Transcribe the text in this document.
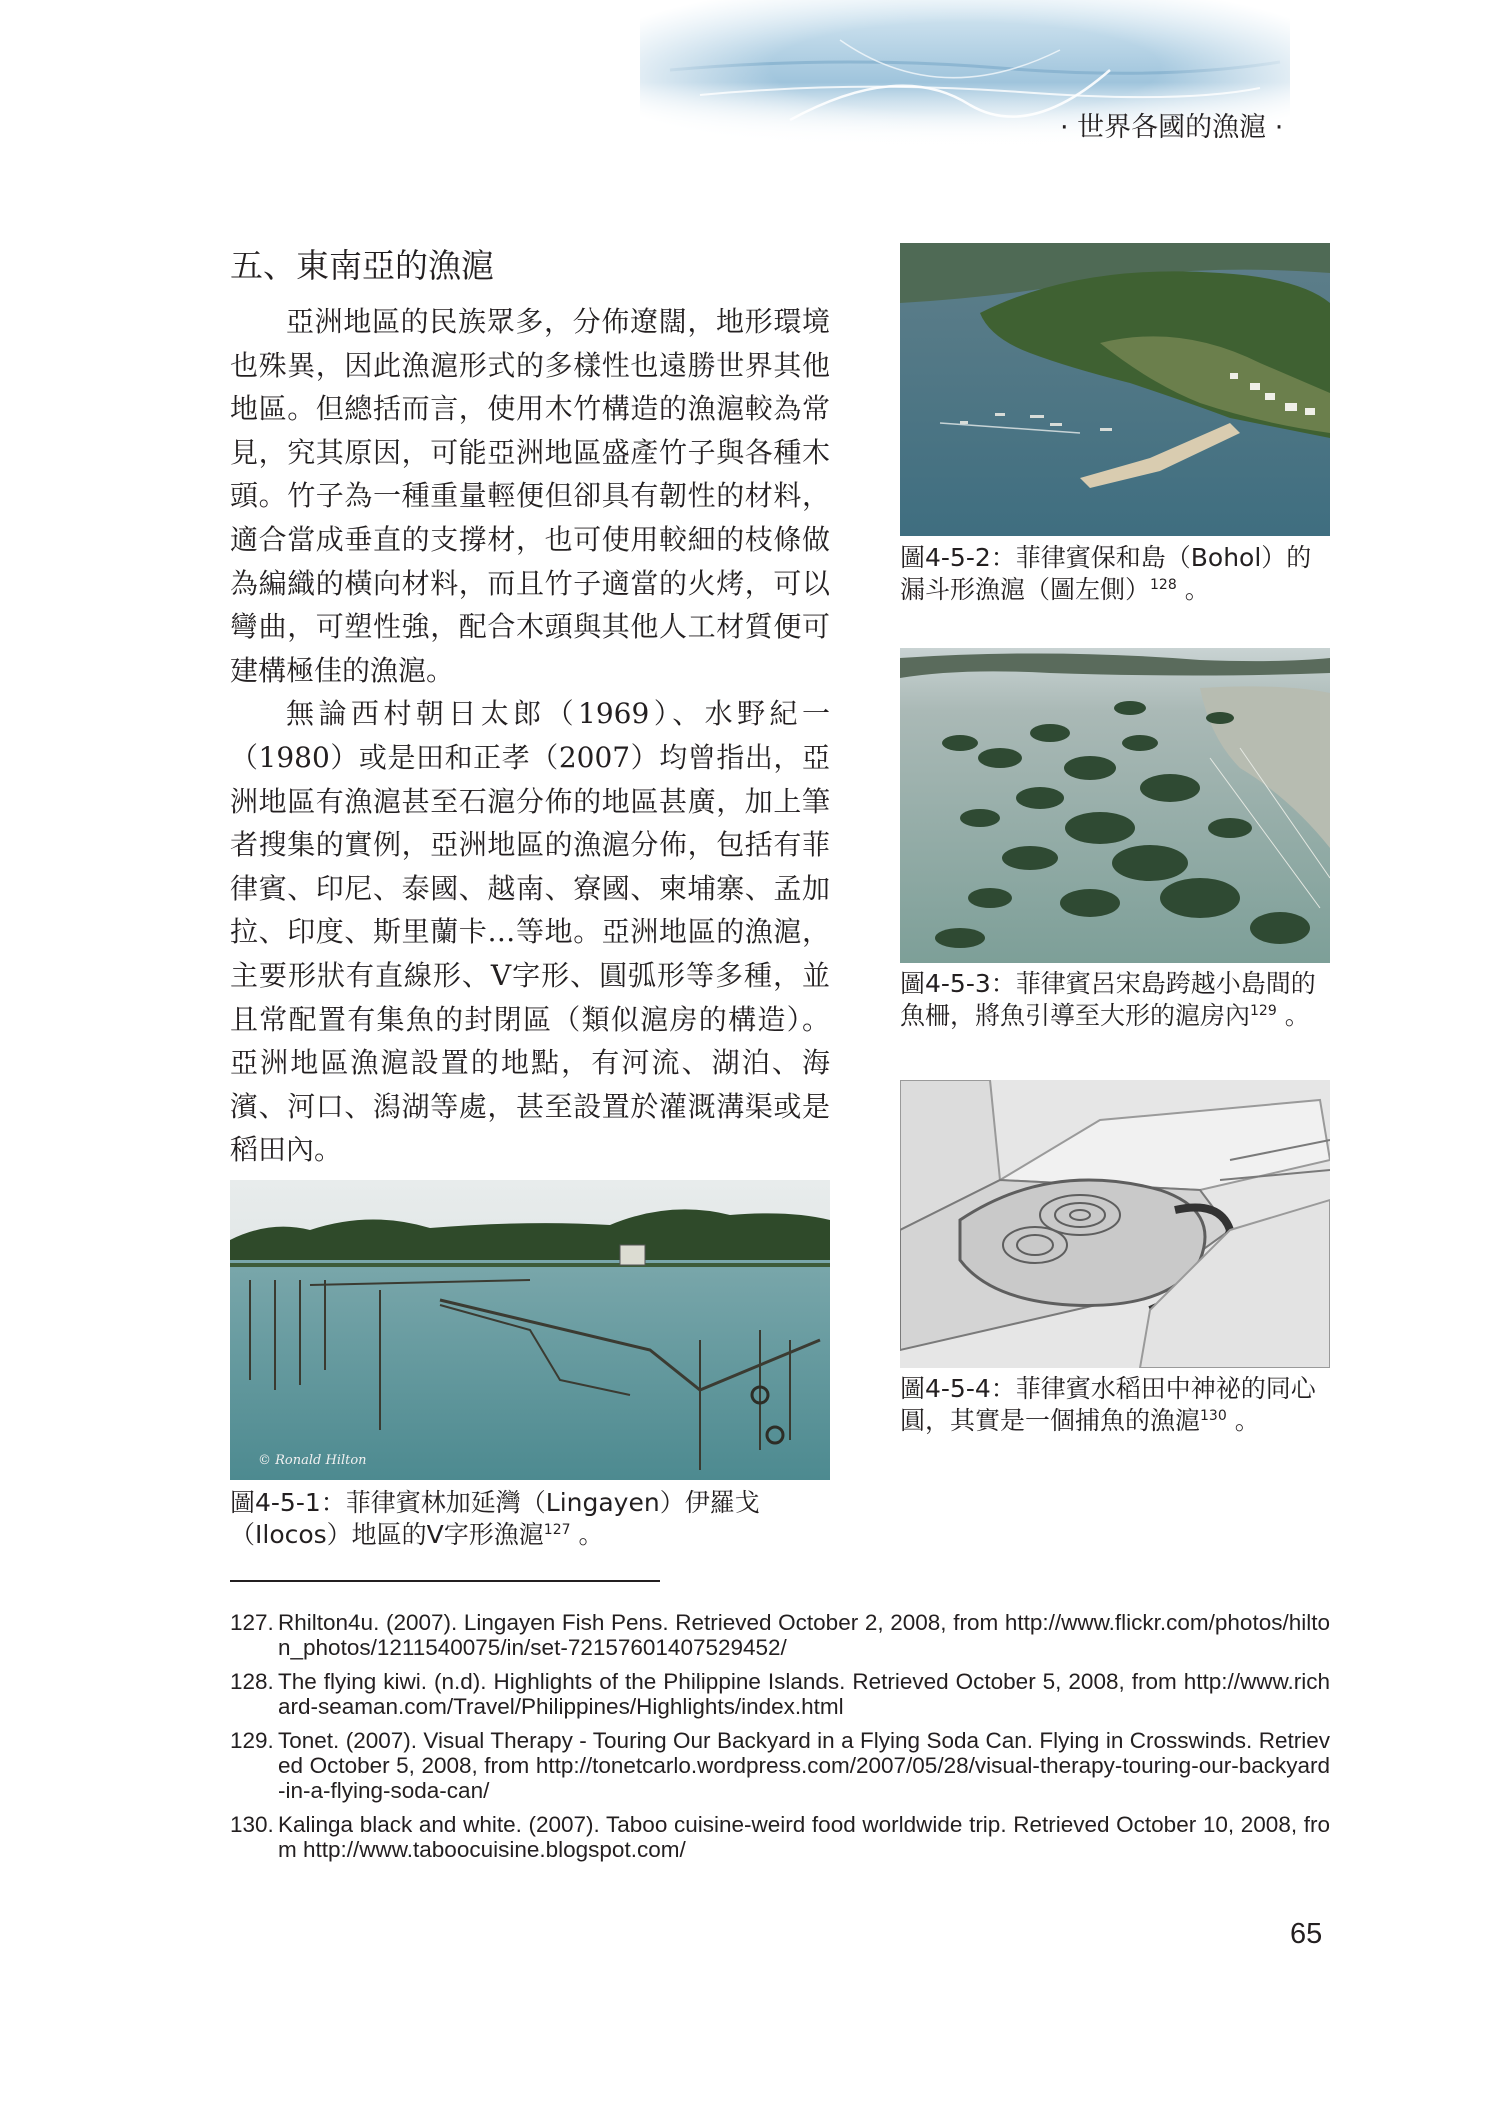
· 世界各國的漁滬 ·
五、東南亞的漁滬

亞洲地區的民族眾多，分佈遼闊，地形環境也殊異，因此漁滬形式的多樣性也遠勝世界其他地區。但總括而言，使用木竹構造的漁滬較為常見，究其原因，可能亞洲地區盛產竹子與各種木頭。竹子為一種重量輕便但卻具有韌性的材料，適合當成垂直的支撐材，也可使用較細的枝條做為編織的橫向材料，而且竹子適當的火烤，可以彎曲，可塑性強，配合木頭與其他人工材質便可建構極佳的漁滬。

無論西村朝日太郎（1969）、水野紀一（1980）或是田和正孝（2007）均曾指出，亞洲地區有漁滬甚至石滬分佈的地區甚廣，加上筆者搜集的實例，亞洲地區的漁滬分佈，包括有菲律賓、印尼、泰國、越南、寮國、柬埔寨、孟加拉、印度、斯里蘭卡…等地。亞洲地區的漁滬，主要形狀有直線形、V字形、圓弧形等多種，並且常配置有集魚的封閉區（類似滬房的構造）。亞洲地區漁滬設置的地點，有河流、湖泊、海濱、河口、潟湖等處，甚至設置於灌溉溝渠或是稻田內。

© Ronald Hilton

圖4-5-1：菲律賓林加延灣（Lingayen）伊羅戈（Ilocos）地區的V字形漁滬$^{127}$ 。

圖4-5-2：菲律賓保和島（Bohol）的漏斗形漁滬（圖左側）$^{128}$ 。

圖4-5-3：菲律賓呂宋島跨越小島間的魚柵，將魚引導至大形的滬房內$^{129}$ 。

圖4-5-4：菲律賓水稻田中神祕的同心圓，其實是一個捕魚的漁滬$^{130}$ 。

127. Rhilton4u. (2007). Lingayen Fish Pens. Retrieved October 2, 2008, from http://www.flickr.com/photos/hilton_photos/1211540075/in/set-72157601407529452/
128. The flying kiwi. (n.d). Highlights of the Philippine Islands. Retrieved October 5, 2008, from http://www.richard-seaman.com/Travel/Philippines/Highlights/index.html
129. Tonet. (2007). Visual Therapy - Touring Our Backyard in a Flying Soda Can. Flying in Crosswinds. Retrieved October 5, 2008, from http://tonetcarlo.wordpress.com/2007/05/28/visual-therapy-touring-our-backyard-in-a-flying-soda-can/
130. Kalinga black and white. (2007). Taboo cuisine-weird food worldwide trip. Retrieved October 10, 2008, from http://www.taboocuisine.blogspot.com/
65
